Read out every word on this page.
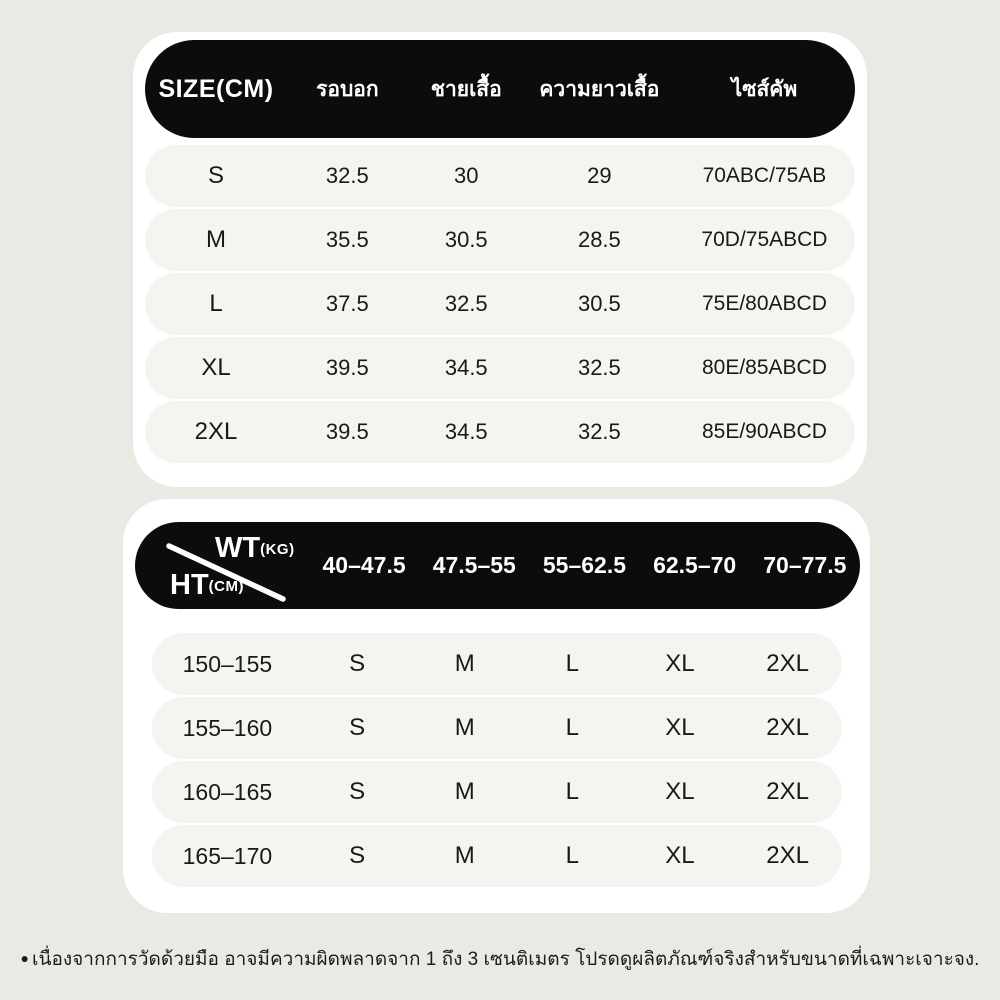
SIZE(CM)	รอบอก	ชายเสื้อ	ความยาวเสื้อ	ไซส์คัพ
S	32.5	30	29	70ABC/75AB
M	35.5	30.5	28.5	70D/75ABCD
L	37.5	32.5	30.5	75E/80ABCD
XL	39.5	34.5	32.5	80E/85ABCD
2XL	39.5	34.5	32.5	85E/90ABCD
WT(KG)
HT(CM)
40–47.5	47.5–55	55–62.5	62.5–70	70–77.5
150–155	S	M	L	XL	2XL
155–160	S	M	L	XL	2XL
160–165	S	M	L	XL	2XL
165–170	S	M	L	XL	2XL
● เนื่องจากการวัดด้วยมือ อาจมีความผิดพลาดจาก 1 ถึง 3 เซนติเมตร โปรดดูผลิตภัณฑ์จริงสำหรับขนาดที่เฉพาะเจาะจง.
